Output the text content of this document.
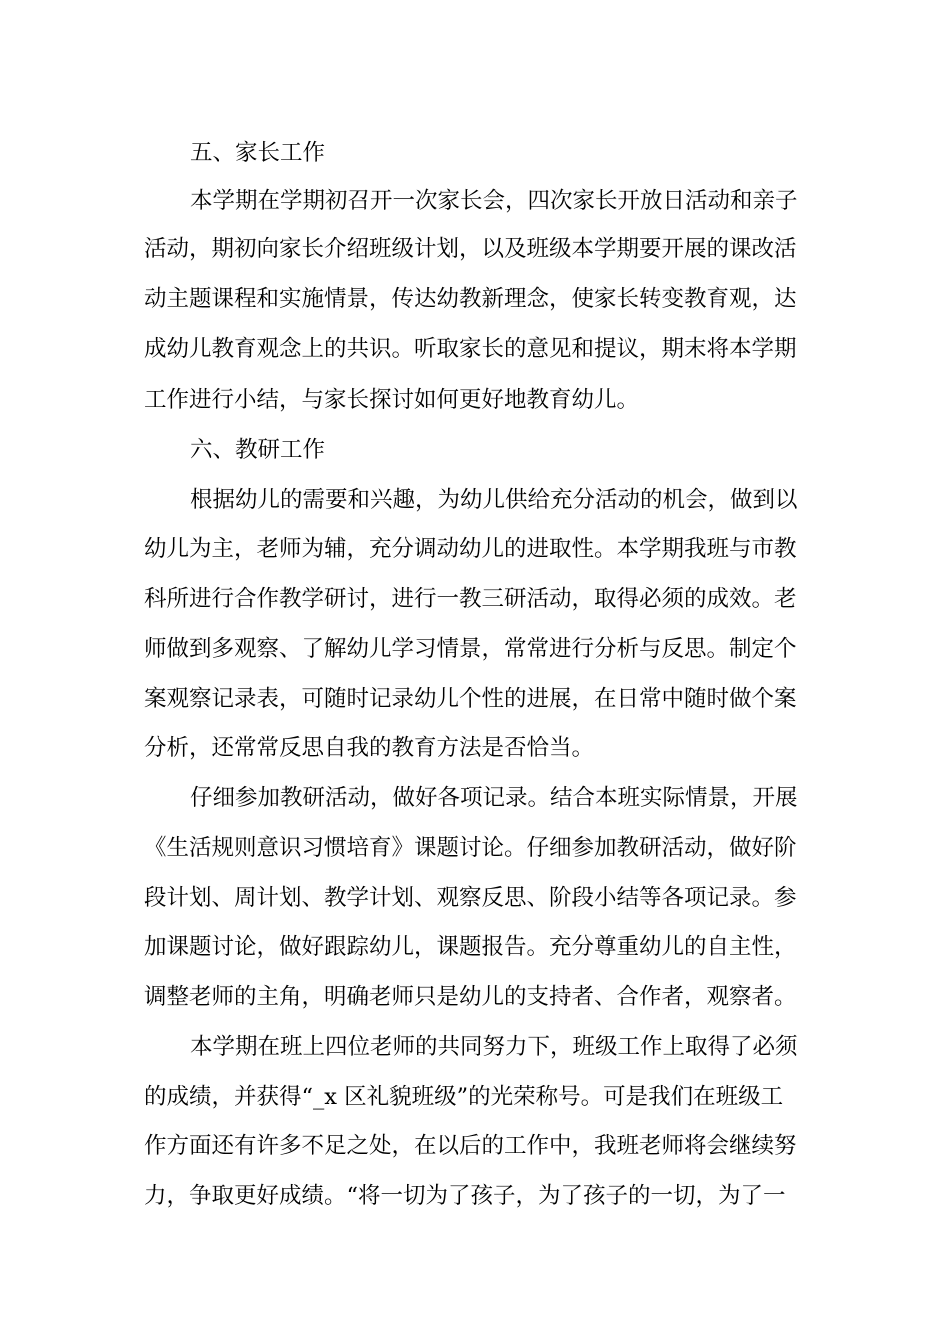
五、家长工作
本学期在学期初召开一次家长会，四次家长开放日活动和亲子
活动，期初向家长介绍班级计划，以及班级本学期要开展的课改活
动主题课程和实施情景，传达幼教新理念，使家长转变教育观，达
成幼儿教育观念上的共识。听取家长的意见和提议，期末将本学期
工作进行小结，与家长探讨如何更好地教育幼儿。
六、教研工作
根据幼儿的需要和兴趣，为幼儿供给充分活动的机会，做到以
幼儿为主，老师为辅，充分调动幼儿的进取性。本学期我班与市教
科所进行合作教学研讨，进行一教三研活动，取得必须的成效。老
师做到多观察、了解幼儿学习情景，常常进行分析与反思。制定个
案观察记录表，可随时记录幼儿个性的进展，在日常中随时做个案
分析，还常常反思自我的教育方法是否恰当。
仔细参加教研活动，做好各项记录。结合本班实际情景，开展
《生活规则意识习惯培育》课题讨论。仔细参加教研活动，做好阶
段计划、周计划、教学计划、观察反思、阶段小结等各项记录。参
加课题讨论，做好跟踪幼儿，课题报告。充分尊重幼儿的自主性，
调整老师的主角，明确老师只是幼儿的支持者、合作者，观察者。
本学期在班上四位老师的共同努力下，班级工作上取得了必须
的成绩，并获得“_x 区礼貌班级”的光荣称号。可是我们在班级工
作方面还有许多不足之处，在以后的工作中，我班老师将会继续努
力，争取更好成绩。“将一切为了孩子，为了孩子的一切，为了一
